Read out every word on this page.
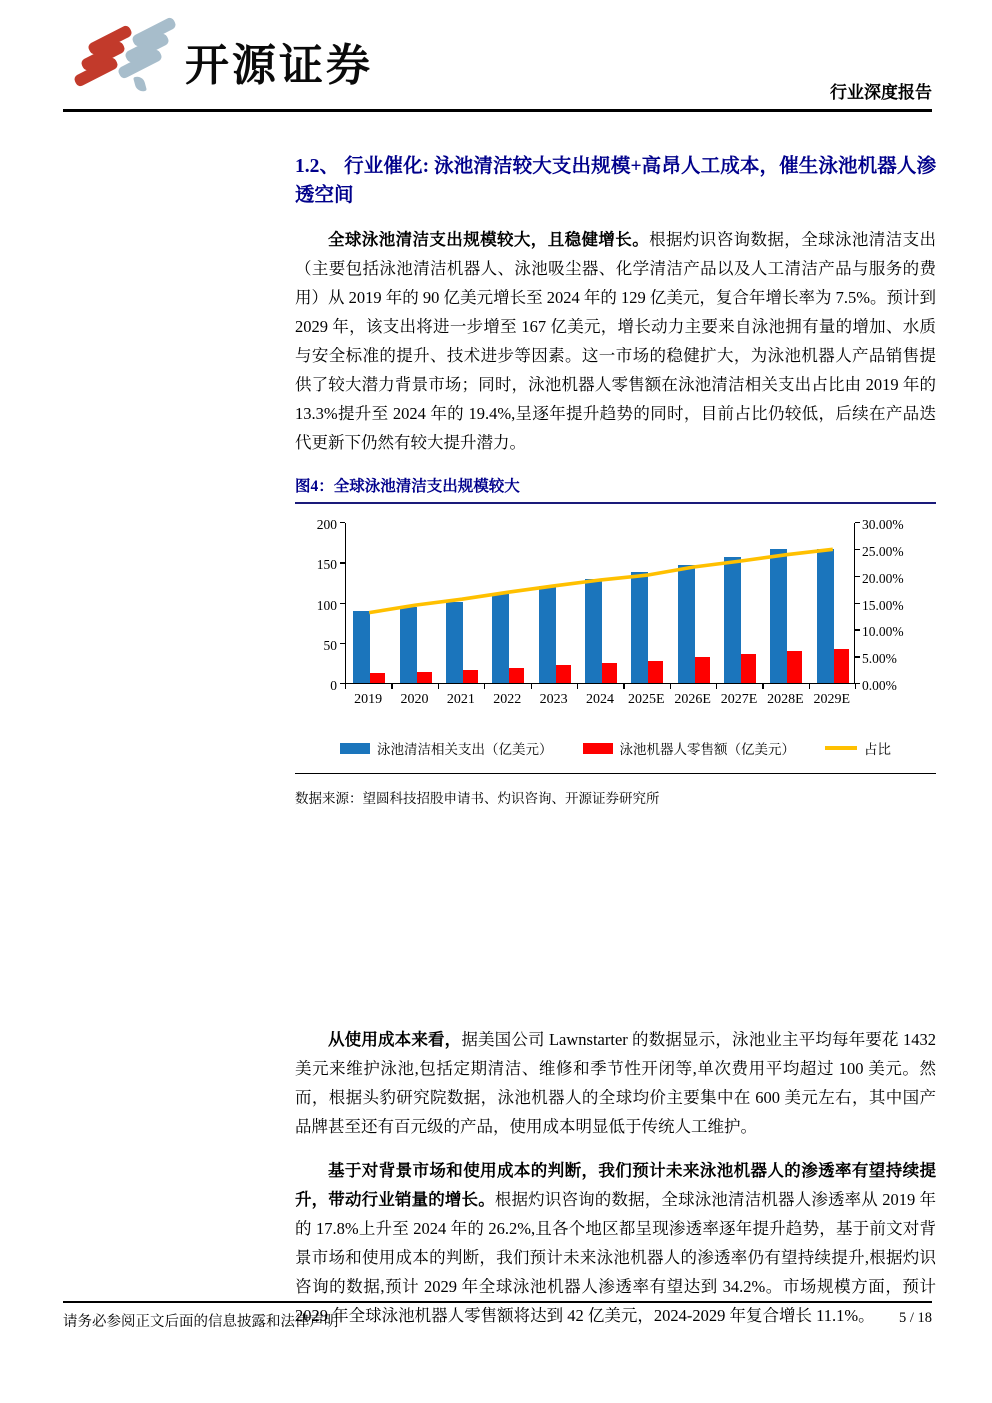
开源证券
行业深度报告
1.2、 行业催化: 泳池清洁较大支出规模+高昂人工成本，催生泳池机器人渗透空间

全球泳池清洁支出规模较大，且稳健增长。根据灼识咨询数据，全球泳池清洁支出（主要包括泳池清洁机器人、泳池吸尘器、化学清洁产品以及人工清洁产品与服务的费用）从 2019 年的 90 亿美元增长至 2024 年的 129 亿美元，复合年增长率为 7.5%。预计到 2029 年，该支出将进一步增至 167 亿美元，增长动力主要来自泳池拥有量的增加、水质与安全标准的提升、技术进步等因素。这一市场的稳健扩大，为泳池机器人产品销售提供了较大潜力背景市场；同时，泳池机器人零售额在泳池清洁相关支出占比由 2019 年的 13.3%提升至 2024 年的 19.4%,呈逐年提升趋势的同时，目前占比仍较低，后续在产品迭代更新下仍然有较大提升潜力。

图4：全球泳池清洁支出规模较大
0
50
100
150
200
0.00%
5.00%
10.00%
15.00%
20.00%
25.00%
30.00%
2019	2020	2021	2022	2023	2024	2025E 2026E 2027E 2028E 2029E
泳池清洁相关支出（亿美元）	泳池机器人零售额（亿美元）	占比
数据来源：望圆科技招股申请书、灼识咨询、开源证券研究所

从使用成本来看，据美国公司 Lawnstarter 的数据显示，泳池业主平均每年要花 1432 美元来维护泳池,包括定期清洁、维修和季节性开闭等,单次费用平均超过 100 美元。然而，根据头豹研究院数据，泳池机器人的全球均价主要集中在 600 美元左右，其中国产品牌甚至还有百元级的产品，使用成本明显低于传统人工维护。

基于对背景市场和使用成本的判断，我们预计未来泳池机器人的渗透率有望持续提升，带动行业销量的增长。根据灼识咨询的数据，全球泳池清洁机器人渗透率从 2019 年的 17.8%上升至 2024 年的 26.2%,且各个地区都呈现渗透率逐年提升趋势，基于前文对背景市场和使用成本的判断，我们预计未来泳池机器人的渗透率仍有望持续提升,根据灼识咨询的数据,预计 2029 年全球泳池机器人渗透率有望达到 34.2%。市场规模方面，预计 2029 年全球泳池机器人零售额将达到 42 亿美元，2024-2029 年复合增长 11.1%。

请务必参阅正文后面的信息披露和法律声明	5 / 18
